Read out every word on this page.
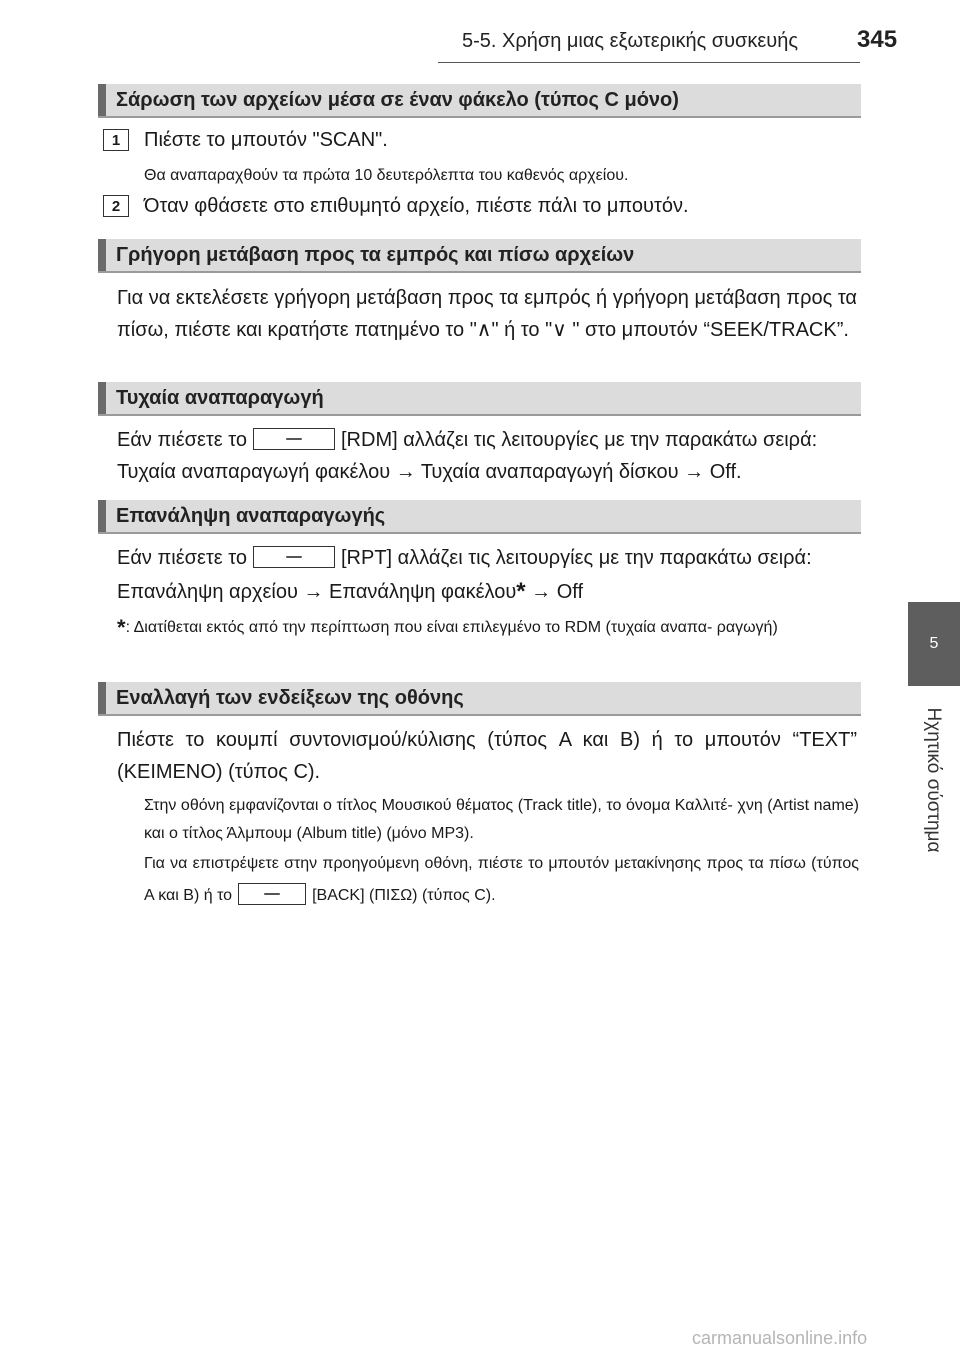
5-5. Χρήση μιας εξωτερικής συσκευής 345
5
Ηχητικό σύστημα
Σάρωση των αρχείων μέσα σε έναν φάκελο (τύπος C μόνο)
1	Πιέστε το μπουτόν "SCAN".
Θα αναπαραχθούν τα πρώτα 10 δευτερόλεπτα του καθενός αρχείου.
2	Όταν φθάσετε στο επιθυμητό αρχείο, πιέστε πάλι το μπουτόν.
Γρήγορη μετάβαση προς τα εμπρός και πίσω αρχείων
Για να εκτελέσετε γρήγορη μετάβαση προς τα εμπρός ή γρήγορη μετάβαση προς τα πίσω, πιέστε και κρατήστε πατημένο το "∧" ή το "∨ " στο μπουτόν “SEEK/TRACK”.
Τυχαία αναπαραγωγή
Εάν πιέσετε το	[RDM] αλλάζει τις λειτουργίες με την παρακάτω σειρά:
Τυχαία αναπαραγωγή φακέλου → Τυχαία αναπαραγωγή δίσκου → Off.
Επανάληψη αναπαραγωγής
Εάν πιέσετε το	[RPT] αλλάζει τις λειτουργίες με την παρακάτω σειρά:
Επανάληψη αρχείου → Επανάληψη φακέλου* → Off
*: Διατίθεται εκτός από την περίπτωση που είναι επιλεγμένο το RDM (τυχαία αναπα- ραγωγή)
Εναλλαγή των ενδείξεων της οθόνης
Πιέστε το κουμπί συντονισμού/κύλισης (τύπος A και B) ή το μπουτόν “TEXT” (ΚΕΙΜΕΝΟ) (τύπος C).
Στην οθόνη εμφανίζονται ο τίτλος Μουσικού θέματος (Track title), το όνομα Καλλιτέ- χνη (Artist name) και ο τίτλος Άλμπουμ (Album title) (μόνο MP3).
Για να επιστρέψετε στην προηγούμενη οθόνη, πιέστε το μπουτόν μετακίνησης προς τα πίσω (τύπος A και B) ή το	[BACK] (ΠΙΣΩ) (τύπος C).
carmanualsonline.info
